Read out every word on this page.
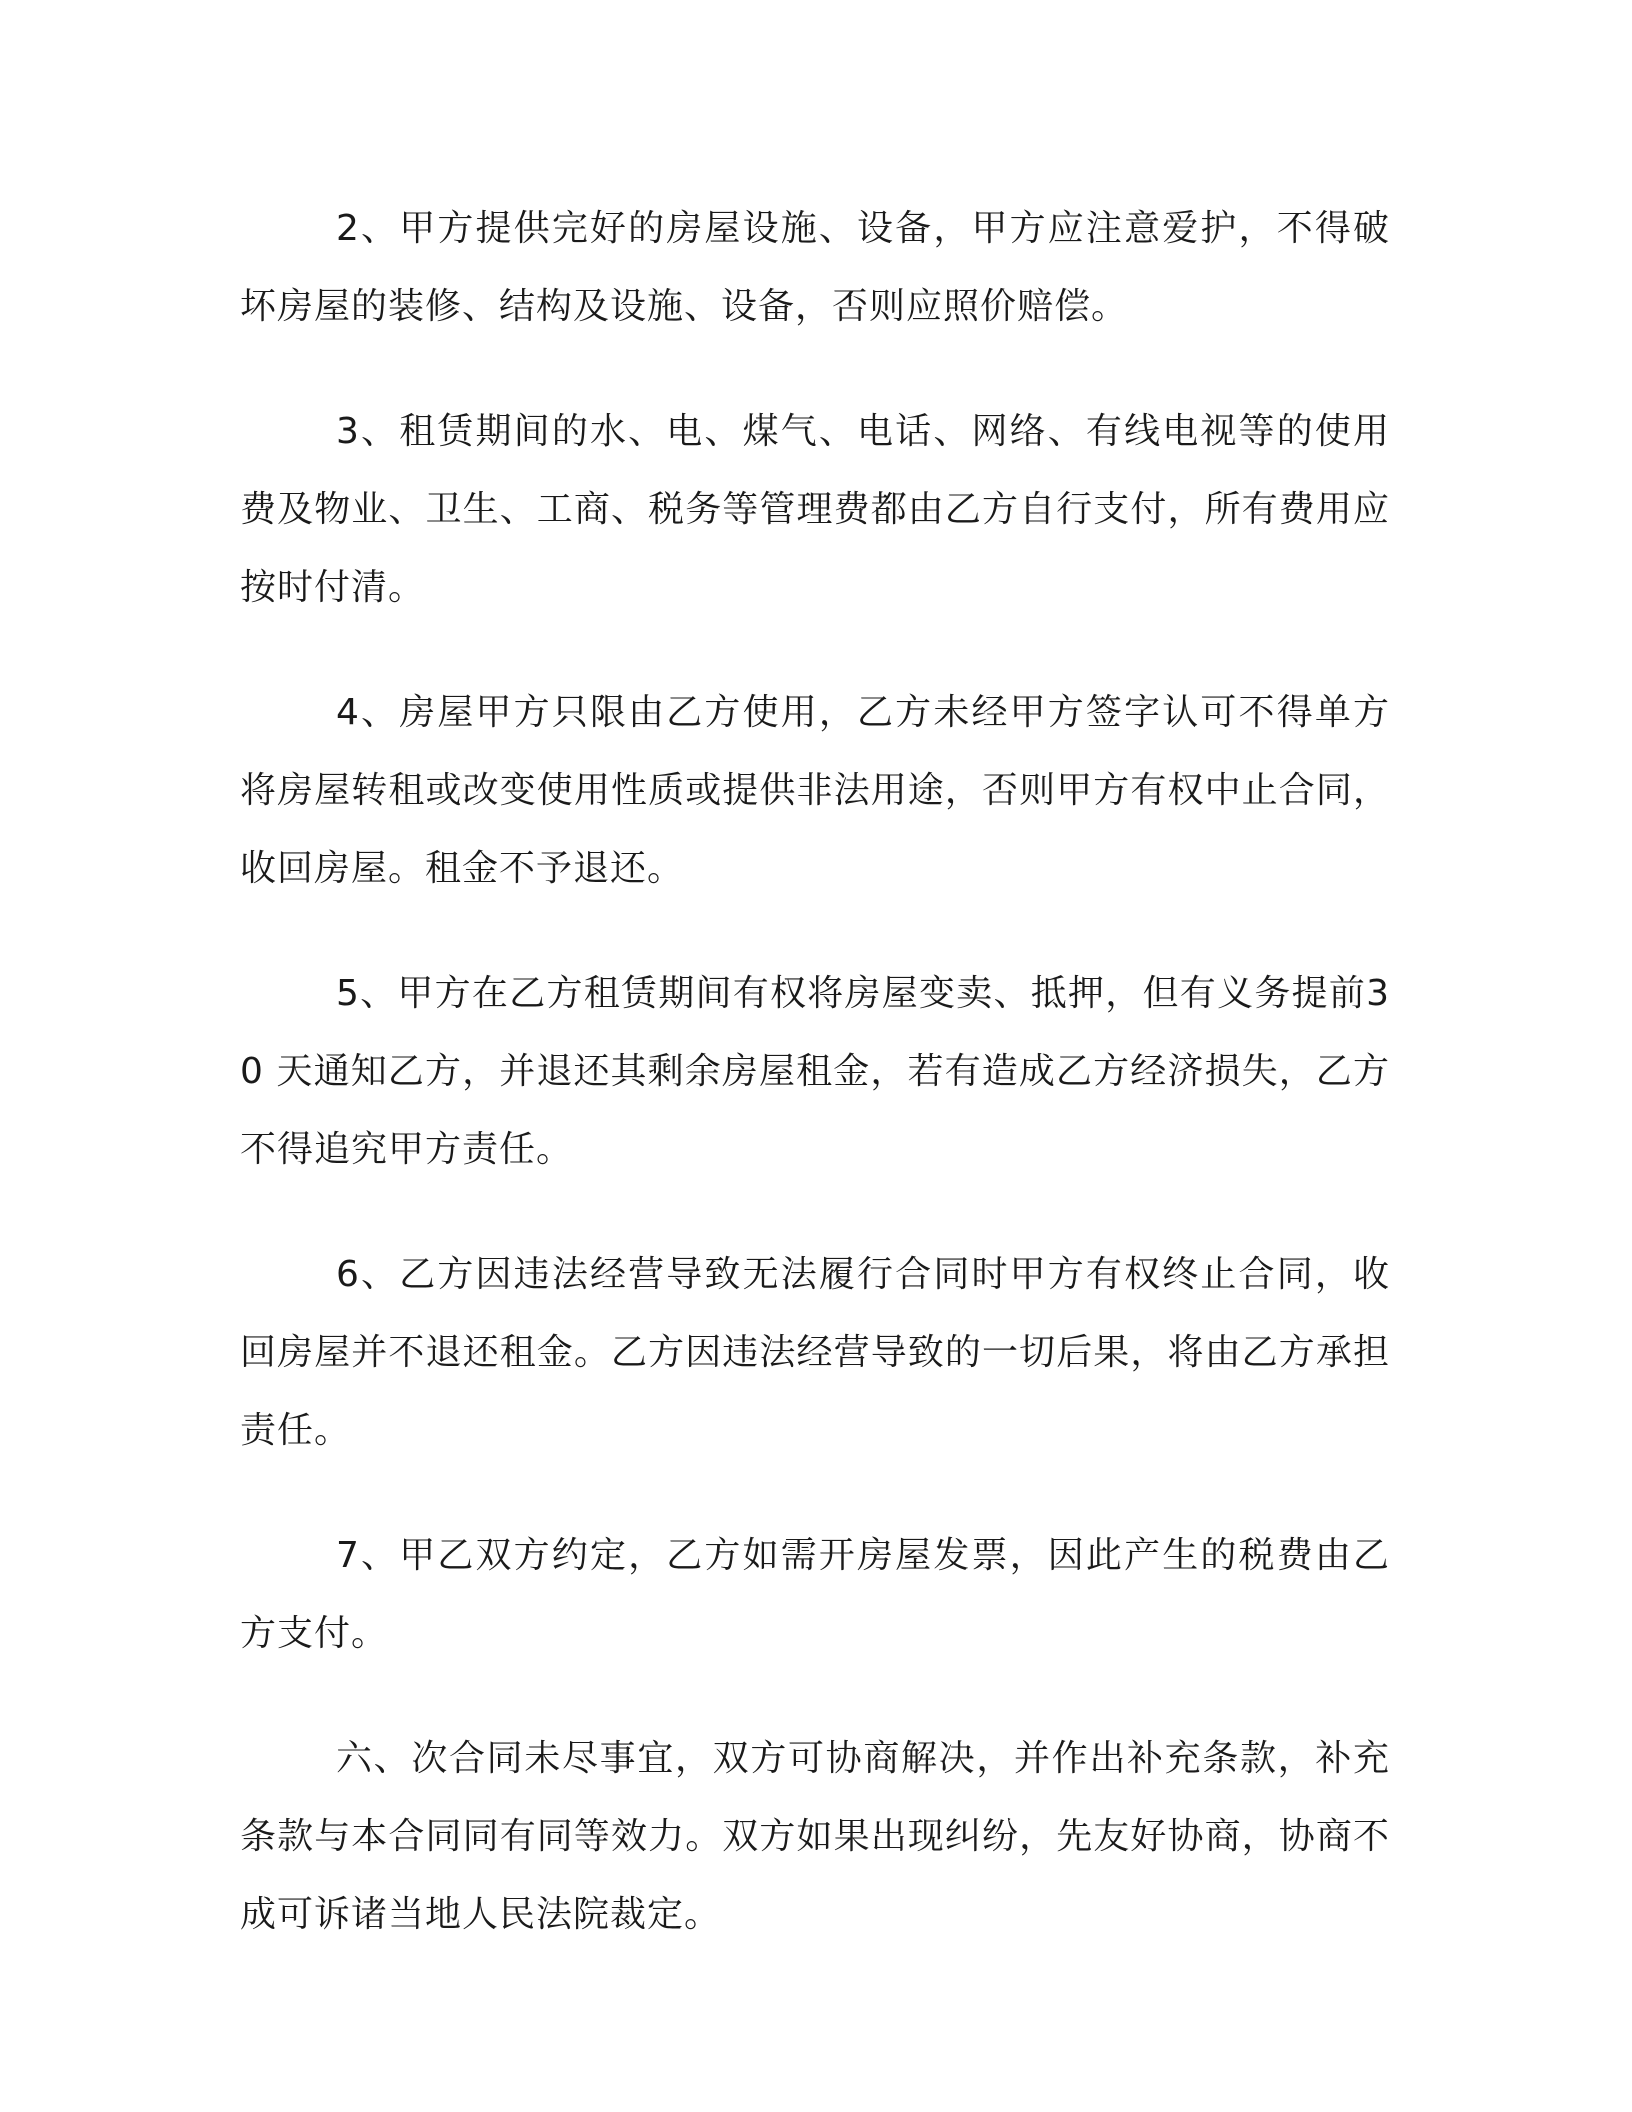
2、甲方提供完好的房屋设施、设备，甲方应注意爱护，不得破坏房屋的装修、结构及设施、设备，否则应照价赔偿。

3、租赁期间的水、电、煤气、电话、网络、有线电视等的使用费及物业、卫生、工商、税务等管理费都由乙方自行支付，所有费用应按时付清。

4、房屋甲方只限由乙方使用，乙方未经甲方签字认可不得单方将房屋转租或改变使用性质或提供非法用途，否则甲方有权中止合同，收回房屋。租金不予退还。

5、甲方在乙方租赁期间有权将房屋变卖、抵押，但有义务提前30 天通知乙方，并退还其剩余房屋租金，若有造成乙方经济损失，乙方不得追究甲方责任。

6、乙方因违法经营导致无法履行合同时甲方有权终止合同，收回房屋并不退还租金。乙方因违法经营导致的一切后果，将由乙方承担责任。

7、甲乙双方约定，乙方如需开房屋发票，因此产生的税费由乙方支付。

六、次合同未尽事宜，双方可协商解决，并作出补充条款，补充条款与本合同同有同等效力。双方如果出现纠纷，先友好协商，协商不成可诉诸当地人民法院裁定。
